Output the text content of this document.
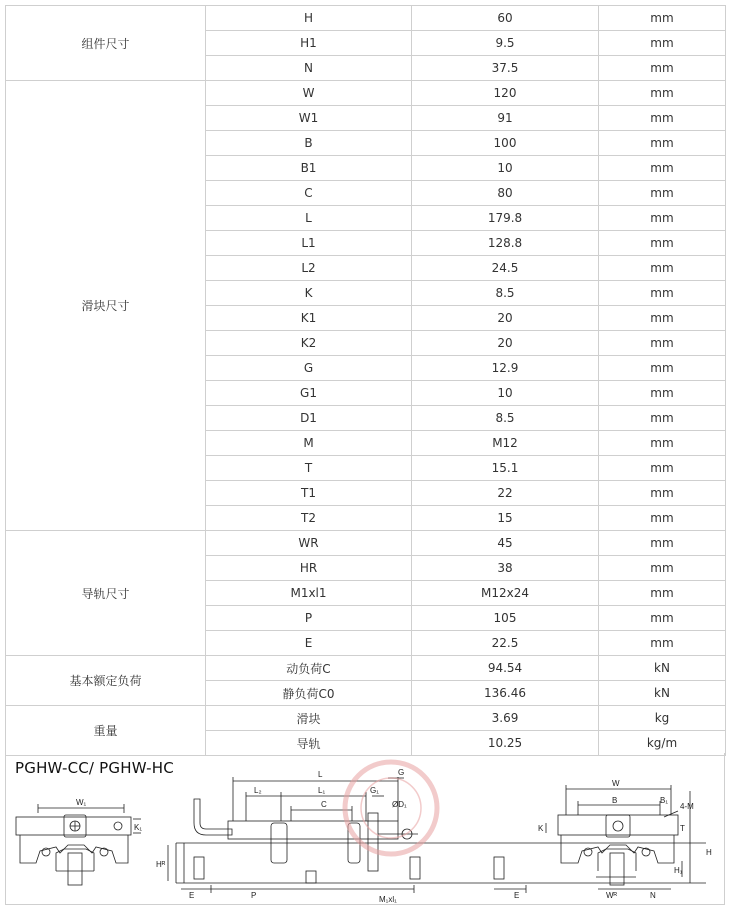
组件尺寸	H	60	mm
	H1	9.5	mm
	N	37.5	mm
滑块尺寸	W	120	mm
	W1	91	mm
	B	100	mm
	B1	10	mm
	C	80	mm
	L	179.8	mm
	L1	128.8	mm
	L2	24.5	mm
	K	8.5	mm
	K1	20	mm
	K2	20	mm
	G	12.9	mm
	G1	10	mm
	D1	8.5	mm
	M	M12	mm
	T	15.1	mm
	T1	22	mm
	T2	15	mm
导轨尺寸	WR	45	mm
	HR	38	mm
	M1xl1	M12x24	mm
	P	105	mm
	E	22.5	mm
基本额定负荷	动负荷C	94.54	kN
	静负荷C0	136.46	kN
重量	滑块	3.69	kg
	导轨	10.25	kg/m
PGHW-CC/ PGHW-HC
W₁
K₁
L
L₂	L₁
C
G
G₁
ØD₁
Hᴿ
E	P	M₁xl₁	E
W
B	B₁
4-M
K	T
H
H₁
Wᴿ	N
